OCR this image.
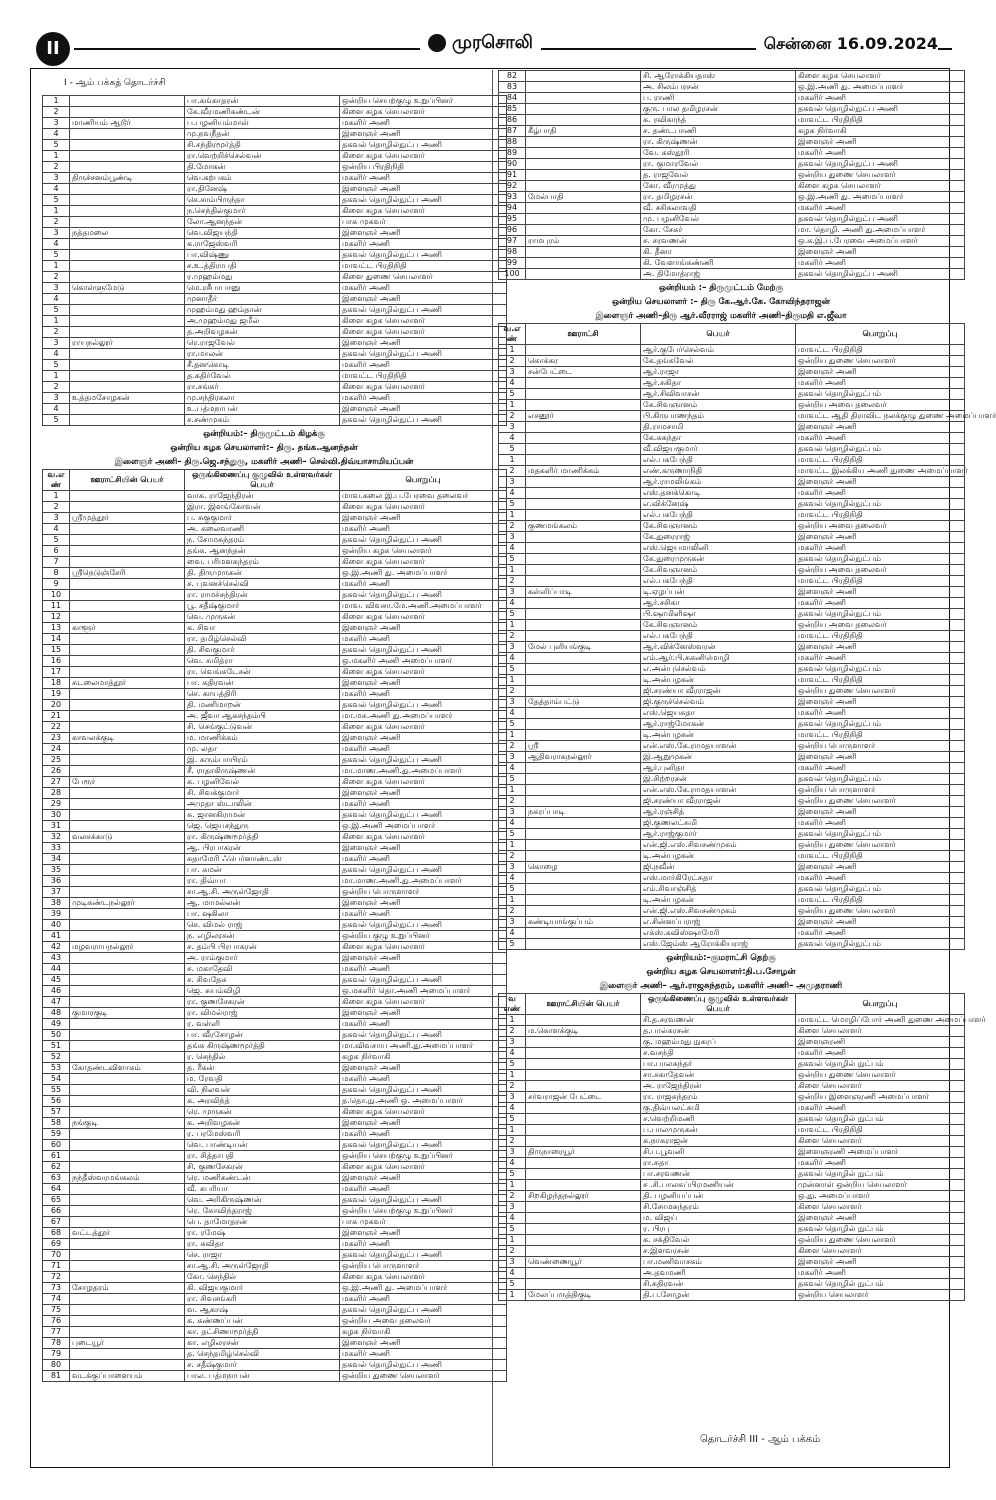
II	முரசொலி	சென்னை 16.09.2024
I - ஆம் பக்கத் தொடர்ச்சி
1		பா.கங்காதரன்	ஒன்றிய செயற்குழு உறுப்பினர்
2		கே.வீரமணிகண்டன்	கிளை கழக செயலாளர்
3	மாணியம் ஆடூர்	ப.பழனியம்மாள்	மகளிர் அணி
4		மு.நவநீதன்	இளைஞர் அணி
5		சி.சந்திரமூர்த்தி	தகவல் தொழில்நுட்ப அணி
1		ரா.வெற்றிச்செல்வன்	கிளை கழக செயலாளர்
2		தி.மோகன்	ஒன்றிய பிரதிநிதி
3	திருச்சனம்பூண்டி	வெ.கற்பகம்	மகளிர் அணி
4		ரா.தினேஷ்	இளைஞர் அணி
5		செ.சாம்பிருந்தா	தகவல் தொழில்நுட்ப அணி
1		ந.செந்தில்குமார்	கிளை கழக செயலாளர்
2		லோ.ஆனந்தன்	பாக முகவர்
3	நத்தமலை	வெ.விஜயந்தி	இளைஞர் அணி
4		க.ராஜேஸ்வரி	மகளிர் அணி
5		பா.விஷ்ணு	தகவல் தொழில்நுட்ப அணி
1		ச.உ.த்திராபதி	மாவட்ட பிரதிநிதி
2		ர.முஹம்மது	கிளை துணை செயலாளர்
3	கொள்ளுமேடு	மெ.ரசீபாபானு	மகளிர் அணி
4		முனாதீர்	இளைஞர் அணி
5		முஹம்மது ஹம்தான்	தகவல் தொழில்நுட்ப அணி
1		அ.முஹம்மது ஜமீல்	கிளை கழக செயலாளர்
2		த.அறிவழகன்	கிளை கழக செயலாளர்
3	ராயநல்லூர்	ரெ.ராஜவேல்	இளைஞர் அணி
4		ரா.மாலன்	தகவல் தொழில்நுட்ப அணி
5		சீ.தனகொடி	மகளிர் அணி
1		த.கதிர்வேல்	மாவட்ட பிரதிநிதி
2		ரா.சங்கர்	கிளை கழக செயலாளர்
3	உத்தமசோழகன்	மு.சந்திரகலா	மகளிர் அணி
4		உ.பத்மநாபன்	இளைஞர் அணி
5		ச.சண்முகம்	தகவல் தொழில்நுட்ப அணி
ஒன்றியம்:– திருமுட்டம் கிழக்கு
ஒன்றிய கழக செயலாளர்:– திரு. தங்க.ஆனந்தன்
இளைஞர் அணி– திரு.ஜெ.சந்துரு, மகளிர் அணி– செல்வி.திவ்யாசாமியப்பன்
வ.எ ண்	ஊராட்சியின் பெயர்	ஒருங்கிணைப்பு குழுவில் உள்ளவர்கள் பெயர்	பொறுப்பு
1		வாக. ராஜேந்திரன்	மாவ.கலை இ.ப.பேரவை தலைவர்
2		இரா. இளங்கோவன்	கிளை கழக செயலாளர்
3	ஸ்ரீமுத்தூர்	ப. சுகுகுமார்	இளைஞர் அணி
4		அ. கலைவாணி	மகளிர் அணி
5		ந. சோமசுந்தரம்	தகவல் தொழில்நுட்ப அணி
6		தங்க. ஆனந்தன்	ஒன்றிய கழக செயலாளர்
7		வை. பரிமளசுந்தரம்	கிளை கழக செயலாளர்
8	ஸ்ரீநெடுஞ்சேரி	தி. திருமுருகன்	ஒ.இ.அணி து. அமைப்பாளர்
9		ச. புவனச்செல்வி	மகளிர் அணி
10		ரா. ராமச்சந்திரன்	தகவல் தொழில்நுட்ப அணி
11		பூ. சதீஷ்குமார்	மாவ. விவசா.மே.அணி.அமைப்பாளர்
12		வெ. முருகன்	கிளை கழக செயலாளர்
13	காளூர்	க. சிவா	இளைஞர் அணி
14		ரா. தமிழ்செல்வி	மகளிர் அணி
15		தி. சிவகுமார்	தகவல் தொழில்நுட்ப அணி
16		வெ. சுமித்ரா	ஒ.மகளிர் அணி அமைப்பாளர்
17		ரா. வெங்கடேசன்	கிளை கழக செயலாளர்
18	சுடலைமாத்தூர்	பா. கதிரவன்	இளைஞர் அணி
19		செ. காயத்திரி	மகளிர் அணி
20		தி. மணிமாறன்	தகவல் தொழில்நுட்ப அணி
21		அ. ஜீவா ஆகசந்தம்பி	மா.மக.அணி து.அமைப்பாளர்
22		சி. செங்குட்டுவன்	கிளை கழக செயலாளர்
23	காவலக்குடி	ம. மாணிக்கம்	இளைஞர் அணி
24		மு. லதா	மகளிர் அணி
25		இ. கரும்பாயிரம்	தகவல் தொழில்நுட்ப அணி
26		சீ. ராதாகிருஷ்ணன்	மா.மாண.அணி.து.அமைப்பாளர்
27	பேரூர்	க. பழனிவேல்	கிளை கழக செயலாளர்
28		சி. சிவக்குமார்	இளைஞர் அணி
29		அமுதா ஸ்டாலின்	மகளிர் அணி
30		சு. ஜானகிராமன்	தகவல் தொழில்நுட்ப அணி
31		ஜெ. ஜெயசந்துரு	ஒ.இ.அணி அமைப்பாளர்
32	வலசக்காடு	ரா. கிருஷ்ணமூர்த்தி	கிளை கழக செயலாளர்
33		ஆ. பிரபாகரன்	இளைஞர் அணி
34		சுதாமேரி ஃபெர்னாண்டஸ்	மகளிர் அணி
35		பா. சுமன்	தகவல் தொழில்நுட்ப அணி
36		ரா. திவ்யா	மா.மாண.அணி.து.அமைப்பாளர்
37		சா.ஆ.சி. அருள்ஜோதி	ஒன்றிய பொருளாளர்
38	முடிகண்டநல்லூர்	ஆ. மாமல்லன்	இளைஞர் அணி
39		பா. ஷகிலா	மகளிர் அணி
40		செ. விமல் ராஜ்	தகவல் தொழில்நுட்ப அணி
41		ந. எழிலரசன்	ஒன்றிய குழு உறுப்பினர்
42	மழவராயநல்லூர்	ச. தம்பி பிரபாகரன்	கிளை கழக செயலாளர்
43		அ. ராம்குமார்	இளைஞர் அணி
44		ச. மகாதேவி	மகளிர் அணி
45		ச. சிவதேசு	தகவல் தொழில்நுட்ப அணி
46		ஜெ. சுயம்விழி	ஒ.மகளிர் தொ.அணி அமைப்பாளர்
47		ரா. குணசேகரன்	கிளை கழக செயலாளர்
48	குமாரகுடி	ரா. விமல்ராஜ்	இளைஞர் அணி
49		ர. வள்ளி	மகளிர் அணி
50		பா. வீரசோழன்	தகவல் தொழில்நுட்ப அணி
51		தங்க கிருஷ்ணமூர்த்தி	மா.விவசாய அணி.து.அமைப்பாளர்
52		ர. செந்தில்	கழக நிர்வாகி
53	கோதண்டவிளாகம்	த. ரீகன்	இளைஞர் அணி
54		ம. ரேவதி	மகளிர் அணி
55		வி. நிலவன்	தகவல் தொழில்நுட்ப அணி
56		க. அரவிந்த்	த.தொ.நு.அணி ஒ. அமைப்பாளர்
57		ரெ. முருகன்	கிளை கழக செயலாளர்
58	நங்குடி	க. அறிவழகன்	இளைஞர் அணி
59		ர. பரமேஸ்வரி	மகளிர் அணி
60		வெ. பாண்டியன்	தகவல் தொழில்நுட்ப அணி
61		ரா. சித்தாபதி	ஒன்றிய செயற்குழு உறுப்பினர்
62		சி. குணசேகரன்	கிளை கழக செயலாளர்
63	நந்தீஸ்வரமங்கலம்	ரெ. மணிகண்டன்	இளைஞர் அணி
64		வீ. சுபரியா	மகளிர் அணி
65		வெ. அரிகிருஷ்ணன்	தகவல் தொழில்நுட்ப அணி
66		ரெ. கோவிந்தராஜ்	ஒன்றிய செயற்குழு உறுப்பினர்
67		பெ. தாமோதரன்	பாக முகவர்
68	வட்டத்தூர்	ரா. ரமேஷ்	இளைஞர் அணி
69		ரா. கவிதா	மகளிர் அணி
70		செ. ராஜா	தகவல் தொழில்நுட்ப அணி
71		சா.ஆ.சி. அருள்ஜோதி	ஒன்றிய பொருளாளர்
72		கோ. செந்தில்	கிளை கழக செயலாளர்
73	சோழதரம்	கி. விஜயகுமார்	ஒ.இ.அணி து. அமைப்பாளர்
74		ரா. சிவசங்கரி	மகளிர் அணி
75		வ. ஆகாஷ்	தகவல் தொழில்நுட்ப அணி
76		க. கண்ணப்பன்	ஒன்றிய அவை தலைவர்
77		கா. தட்சிணாமூர்த்தி	கழக நிர்வாகி
78	புடையூர்	கா. எழிலரசன்	இளைஞர் அணி
79		த. செந்தமிழ்செல்வி	மகளிர் அணி
80		ச. சதீஷ்குமார்	தகவல் தொழில்நுட்ப அணி
81	வடக்குப்பாளையம்	பால. பத்மநாபன்	ஒன்றிய துணை செயலாளர்
82		சி. ஆரோக்கியதாஸ்	கிளை கழக செயலாளர்
83		அ. சிலம்பரசன்	ஒ.இ.அணி து. அமைப்பாளர்
84		ப. ராணி	மகளிர் அணி
85		குரு. பால தமிழரசன்	தகவல் தொழில்நுட்ப அணி
86		க. ரவிகாந்த்	மாவட்ட பிரதிநிதி
87	கீழ்பாதி	ச. தண்டபாணி	கழக நிர்வாகி
88		ரா. கிருஷ்ணன்	இளைஞர் அணி
89		வே. கஸ்தூரி	மகளிர் அணி
90		ரா. குமாரவேல்	தகவல் தொழில்நுட்ப அணி
91		த. ராஜவேல்	ஒன்றிய துணை செயலாளர்
92		கோ. வீரமுத்து	கிளை கழக செயலாளர்
93	மேல்பாதி	ரா. தமிழரசன்	ஒ.இ.அணி து. அமைப்பாளர்
94		வீ. சசிகலாவதி	மகளிர் அணி
95		மு. பழனிவேல்	தகவல் தொழில்நுட்ப அணி
96		கோ. சேகர்	மா. தொழி. அணி து.அமைப்பாளர்
97	ராமபுரம்	ச. சரவணன்	ஒ.க.இ.ப.பேரவை அமைப்பாளர்
98		கி. தீனா	இளைஞர் அணி
99		கி. வேளாங்கண்ணி	மகளிர் அணி
100		அ. திமோத்ராஜ்	தகவல் தொழில்நுட்ப அணி
ஒன்றியம் :– திருமுட்டம் மேற்கு
ஒன்றிய செயலாளர் :– திரு கே.ஆர்.கே. கோவிந்தராஜன்
இளைஞர் அணி–திரு ஆர்.வீரராஜ் மகளிர் அணி–திருமதி எ.ஜீவா
வ.எ ண்	ஊராட்சி	பெயர்	பொறுப்பு
1		ஆர்.குபேர்செல்வம்	மாவட்ட பிரதிநிதி
2	கொக்கர	கே.தங்கவேல்	ஒன்றிய துணை செயலாளர்
3	சன்பேட்டை	ஆர்.ராஜா	இளைஞர் அணி
4		ஆர்.சுகிதா	மகளிர் அணி
5		ஆர்.சிவிவாசன்	தகவல் தொழில்நுட்பம்
1		கே.சிவஞானம்	ஒன்றிய அவை தலைவர்
2	எசனூர்	பி.கிருபாணந்தம்	மாவட்ட ஆதி திராவிட நலக்குழு துணை அமைப்பாளர்
3		தி.ராமசாமி	இளைஞர் அணி
4		கே.சுகந்தா	மகளிர் அணி
5		வீ.விஜயகுமார்	தகவல் தொழில்நுட்பம்
1		எல்.பகபேந்தி	மாவட்ட பிரதிநிதி
2	மதகளிர் மாணிக்கம்	எண்.கருணாநிதி	மாவட்ட இலக்கிய அணி துணை அமைப்பாளர்
3		ஆர்.ராமலிங்கம்	இளைஞர் அணி
4		எஸ்.தனக்கொடி	மகளிர் அணி
5		எ.விக்னேஷ்	தகவல் தொழில்நுட்பம்
1		எல்.பகபேந்தி	மாவட்ட பிரதிநிதி
2	குணமங்கலம்	கே.சிவஞானம்	ஒன்றிய அவை தலைவர்
3		கே.துரைராஜ்	இளைஞர் அணி
4		எஸ்.ஜெயமாலினி	மகளிர் அணி
5		கே.துரைமுருகன்	தகவல் தொழில்நுட்பம்
1		கே.சிவஞானம்	ஒன்றிய அவை தலைவர்
2		எல்.பகபேந்தி	மாவட்ட பிரதிநிதி
3	கள்ளிப்பாடி	டி.ஏழப்பன்	இளைஞர் அணி
4		ஆர்.சசிகா	மகளிர் அணி
5		பி.ஷாமிளிஷா	தகவல் தொழில்நுட்பம்
1		கே.சிவஞானம்	ஒன்றிய அவை தலைவர்
2		எல்.பகபேந்தி	மாவட்ட பிரதிநிதி
3	மேல் புளியங்குடி	ஆர்.விக்னேஸ்வரன்	இளைஞர் அணி
4		எம்.ஆர்.பி.சுகனிமொழி	மகளிர் அணி
5		எ.அன்புசெல்வம்	தகவல் தொழில்நுட்பம்
1		டி.அன்பழகன்	மாவட்ட பிரதிநிதி
2		ஜி.சரண்யா வீரராஜன்	ஒன்றிய துணை செயலாளர்
3	தேத்தாம்பட்டு	ஜி.குருச்செல்வம்	இளைஞர் அணி
4		எஸ்.ஜெயசுதா	மகளிர் அணி
5		ஆர்.ராஜ்மோகன்	தகவல் தொழில்நுட்பம்
1		டி.அன்பழகன்	மாவட்ட பிரதிநிதி
2	ஸ்ரீ	என்.எஸ்.கே.ராமதயாளன்	ஒன்றிய பொருளாளர்
3	ஆதிவராகநல்லூர்	இ.ஆறுமுகன்	இளைஞர் அணி
4		ஆர்.புனிதா	மகளிர் அணி
5		இ.சிற்றரசன்	தகவல் தொழில்நுட்பம்
1		என்.எஸ்.கே.ராமதயாளன்	ஒன்றிய பொருளாளர்
2		ஜி.சரண்யா வீரராஜன்	ஒன்றிய துணை செயலாளர்
3	நகரப்பாடி	ஆர்.ரஞ்சித்	இளைஞர் அணி
4		ஜி.குணலட்சுமி	மகளிர் அணி
5		ஆர்.ராஜ்குமார்	தகவல் தொழில்நுட்பம்
1		என்.ஜி.எஸ்.சிவசண்முகம்	ஒன்றிய துணை செயலாளர்
2		டி.அன்பழகன்	மாவட்ட பிரதிநிதி
3	கொழை	ஜி.நவீன்	இளைஞர் அணி
4		எஸ்.மார்கிரேட்சுதா	மகளிர் அணி
5		எம்.சிவாஞ்சித்	தகவல் தொழில்நுட்பம்
1		டி.அன்பழகன்	மாவட்ட பிரதிநிதி
2		என்.ஜி.எஸ்.சிவசண்முகம்	ஒன்றிய துணை செயலாளர்
3	கண்டியாங்குப்பம்	எ.சின்னப்பராஜ்	இளைஞர் அணி
4		எக்ஸ்.கவிஸ்ஷாமேரி	மகளிர் அணி
5		எஸ்.ஜேம்ஸ் ஆரோக்கியராஜ்	தகவல் தொழில்நுட்பம்
ஒன்றியம்:–குமராட்சி தெற்கு
ஒன்றிய கழக செயலாளர்:தி.ப.சோழன்
இளைஞர் அணி– ஆர்.ராஜசுந்தரம், மகளிர் அணி– அமுதராணி
வ எண்	ஊராட்சியின் பெயர்	ஒருங்கிணைப்பு குழுவில் உள்ளவர்கள் பெயர்	பொறுப்பு
1		சி.த.சரவணன்	மாவட்ட மொழிப்போர் அணி துணை அமைப்பாளர்
2	ம.கொளக்குடி	த.பால்கரசன்	கிளை செயலாளர்
3		கு. மஹம்மது நுசுரப்	இளைஞரணி
4		ச.வசந்தி	மகளிர் அணி
5		பா.பாலசுந்தர்	தகவல் தொழில் நுட்பம்
1		சா.சகாதேவன்	ஒன்றிய துணை செயலாளர்
2		அ. ராஜேந்திரன்	கிளை செயலாளர்
3	சர்வராஜன் பேட்டை	ரா. ராஜசுந்தரம்	ஒன்றிய இளைஞரணி அமைப்பாளர்
4		கு.திவ்யலட்சுமி	மகளிர் அணி
5		ச.வெற்றிமணி	தகவல் தொழில் நுட்பம்
1		ப.பாலமுருகன்	மாவட்ட பிரதிநிதி
2		க.நாகராஜன்	கிளை செயலாளர்
3	திருநாரையூர்	சி.ப.பூவனி	இளைஞரணி அமைப்பாளர்
4		ரா.சுதா	மகளிர் அணி
5		பா.சரவணன்	தகவல் தொழில் நுட்பம்
1		ச .சி.பாலசுப்பிரமணியன்	முன்னாள் ஒன்றிய செயலாளர்
2	சிறகிழந்தநல்லூர்	தி. பழனியப்பன்	ஒ.து. அமைப்பாளர்
3		சி.சோமசுந்தரம்	கிளை செயலாளர்
4		ம. விஜய்	இளைஞர் அணி
5		ர. பிரபு	தகவல் தொழில் நுட்பம்
1		க. சக்திவேல்	ஒன்றிய துணை செயலாளர்
2		ச.இளவரசன்	கிளை செயலாளர்
3	வெண்ணையூர்	பா.மணிவாசகம்	இளைஞர் அணி
4		அ.தவமணி	மகளிர் அணி
5		சி.சுதிரவன்	தகவல் தொழில் நுட்பம்
1	மேலப்பருத்திகுடி	தி.ப.சோழன்	ஒன்றிய செயலாளர்
தொடர்ச்சி III - ஆம் பக்கம்
